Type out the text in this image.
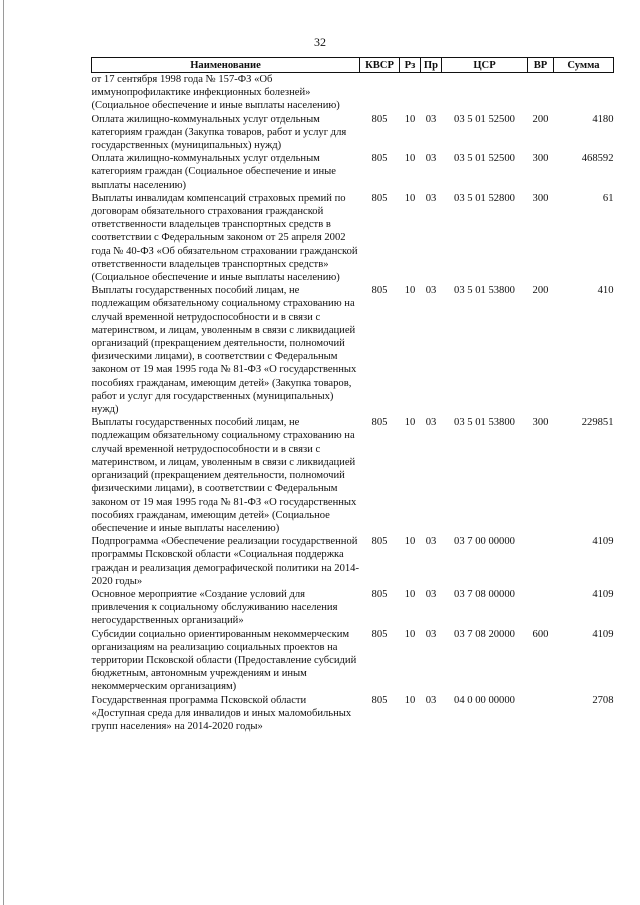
32
Наименование	КВСР	Рз	Пр	ЦСР	ВР	Сумма
от 17 сентября 1998 года № 157-ФЗ «Об иммунопрофилактике инфекционных болезней» (Социальное обеспечение и иные выплаты населению)						
Оплата жилищно-коммунальных услуг отдельным категориям граждан (Закупка товаров, работ и услуг для государственных (муниципальных) нужд)	805	10	03	03 5 01 52500	200	4180
Оплата жилищно-коммунальных услуг отдельным категориям граждан (Социальное обеспечение и иные выплаты населению)	805	10	03	03 5 01 52500	300	468592
Выплаты инвалидам компенсаций страховых премий по договорам обязательного страхования гражданской ответственности владельцев транспортных средств в соответствии с Федеральным законом от 25 апреля 2002 года № 40-ФЗ «Об обязательном страховании гражданской ответственности владельцев транспортных средств» (Социальное обеспечение и иные выплаты населению)	805	10	03	03 5 01 52800	300	61
Выплаты государственных пособий лицам, не подлежащим обязательному социальному страхованию на случай временной нетрудоспособности и в связи с материнством, и лицам, уволенным в связи с ликвидацией организаций (прекращением деятельности, полномочий физическими лицами), в соответствии с Федеральным законом от 19 мая 1995 года № 81-ФЗ «О государственных пособиях гражданам, имеющим детей» (Закупка товаров, работ и услуг для государственных (муниципальных) нужд)	805	10	03	03 5 01 53800	200	410
Выплаты государственных пособий лицам, не подлежащим обязательному социальному страхованию на случай временной нетрудоспособности и в связи с материнством, и лицам, уволенным в связи с ликвидацией организаций (прекращением деятельности, полномочий физическими лицами), в соответствии с Федеральным законом от 19 мая 1995 года № 81-ФЗ «О государственных пособиях гражданам, имеющим детей» (Социальное обеспечение и иные выплаты населению)	805	10	03	03 5 01 53800	300	229851
Подпрограмма «Обеспечение реализации государственной программы Псковской области «Социальная поддержка граждан и реализация демографической политики на 2014-2020 годы»	805	10	03	03 7 00 00000		4109
Основное мероприятие «Создание условий для привлечения к социальному обслуживанию населения негосударственных организаций»	805	10	03	03 7 08 00000		4109
Субсидии социально ориентированным некоммерческим организациям на реализацию социальных проектов на территории Псковской области (Предоставление субсидий бюджетным, автономным учреждениям и иным некоммерческим организациям)	805	10	03	03 7 08 20000	600	4109
Государственная программа Псковской области «Доступная среда для инвалидов и иных маломобильных групп населения» на 2014-2020 годы»	805	10	03	04 0 00 00000		2708
